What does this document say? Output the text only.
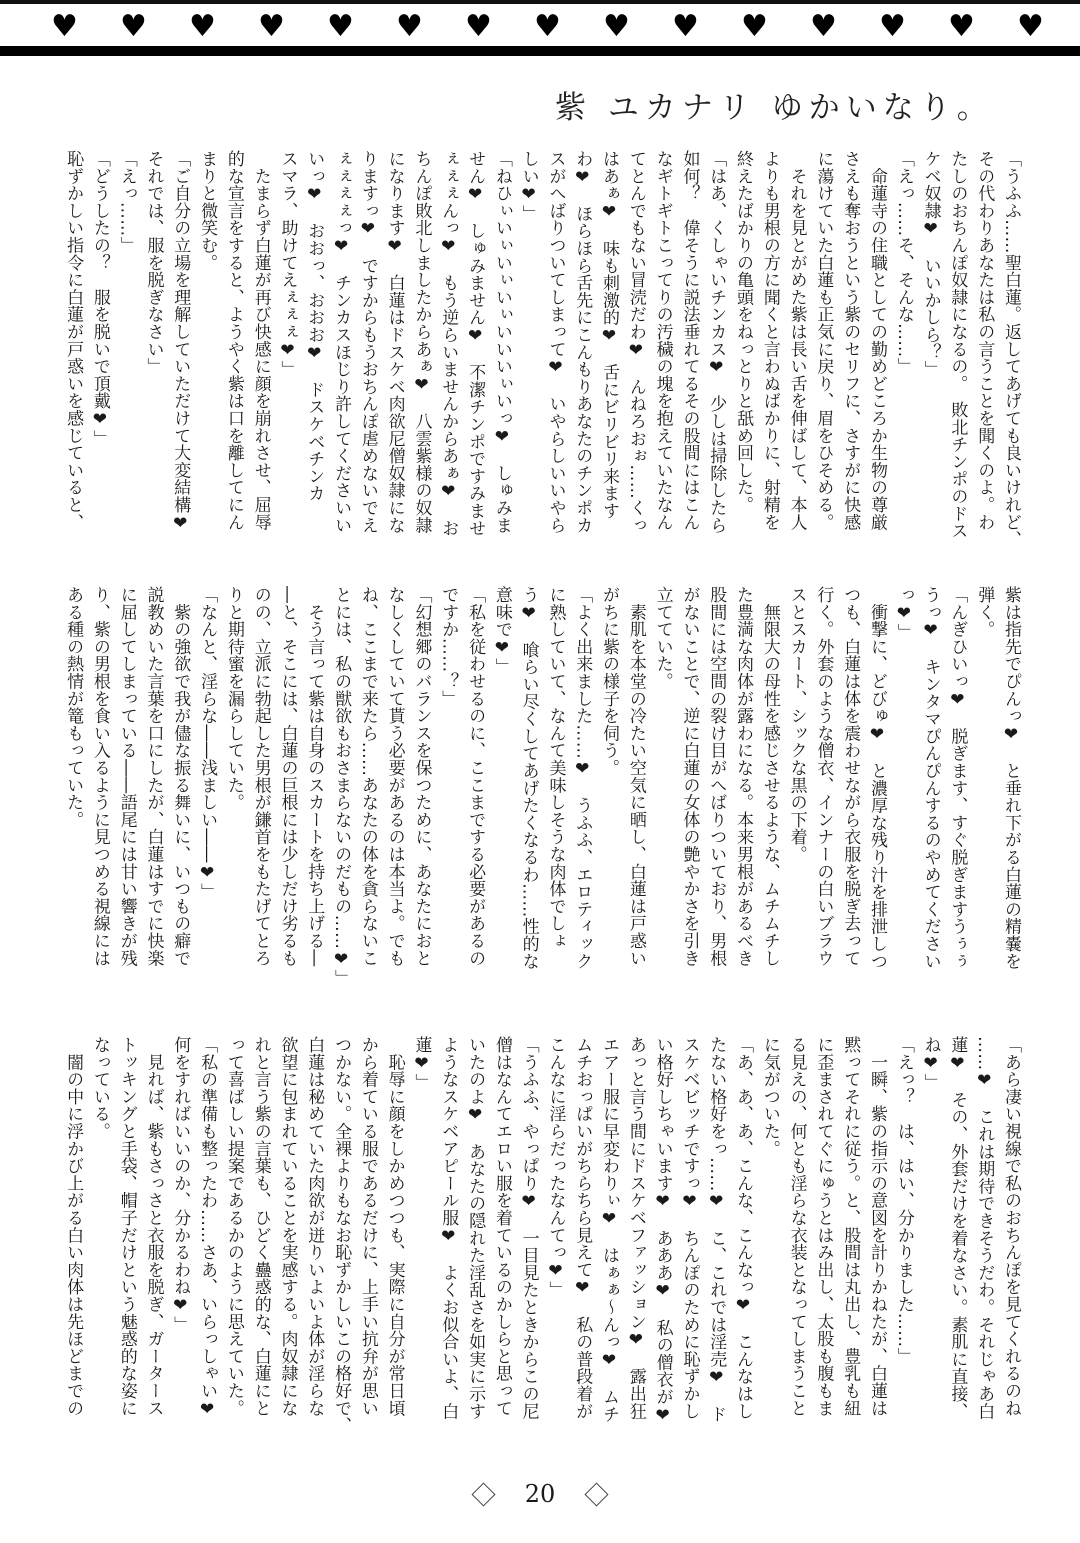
♥ ♥ ♥ ♥ ♥ ♥ ♥ ♥ ♥ ♥ ♥ ♥ ♥ ♥ ♥
紫 ユカナリ ゆかいなり。
「うふふ……聖白蓮。返してあげても良いけれど、
その代わりあなたは私の言うことを聞くのよ。わ
たしのおちんぽ奴隷になるの。　敗北チンポのドス
ケベ奴隷❤　いいかしら？」
「えっ……そ、そんな……」
　命蓮寺の住職としての勤めどころか生物の尊厳
さえも奪おうという紫のセリフに、さすがに快感
に蕩けていた白蓮も正気に戻り、眉をひそめる。
　それを見とがめた紫は長い舌を伸ばして、本人
よりも男根の方に聞くと言わぬばかりに、射精を
終えたばかりの亀頭をねっとりと舐め回した。
「はあ、くしゃいチンカス❤　少しは掃除したら
如何？　偉そうに説法垂れてるその股間にはこん
なギトギトこってりの汚穢の塊を抱えていたなん
てとんでもない冒涜だわ❤　んねろおぉ……くっ
はあぁ❤　味も刺激的❤　舌にビリビリ来ます
わ❤　ほらほら舌先にこんもりあなたのチンポカ
スがへばりついてしまって❤　いやらしいいやら
しい❤」
「ねひぃいぃいぃいぃいいいぃいっ❤　しゅみま
せん❤　しゅみません❤　不潔チンポですみませ
ぇぇぇんっ❤　もう逆らいませんからあぁ❤　お
ちんぽ敗北しましたからあぁ❤　八雲紫様の奴隷
になります❤　白蓮はドスケベ肉欲尼僧奴隷にな
りますっ❤　ですからもうおちんぽ虐めないでえ
ぇぇぇぇっ❤　チンカスほじり許してくださいい
いっ❤　おおっ、おおお❤　ドスケベチンカ
スマラ、助けてえぇぇぇ❤」
　たまらず白蓮が再び快感に顔を崩れさせ、屈辱
的な宣言をすると、ようやく紫は口を離してにん
まりと微笑む。
「ご自分の立場を理解していただけて大変結構❤
それでは、服を脱ぎなさい」
「えっ……」
「どうしたの？　服を脱いで頂戴❤」
恥ずかしい指令に白蓮が戸惑いを感じていると、
紫は指先でぴんっ❤　と垂れ下がる白蓮の精嚢を
弾く。
「んぎひいっ❤　脱ぎます、すぐ脱ぎますうぅぅ
うっ❤　キンタマぴんぴんするのやめてください
っ❤」
　衝撃に、どびゅ❤　と濃厚な残り汁を排泄しつ
つも、白蓮は体を震わせながら衣服を脱ぎ去って
行く。外套のような僧衣、インナーの白いブラウ
スとスカート、シックな黒の下着。
　無限大の母性を感じさせるような、ムチムチし
た豊満な肉体が露わになる。本来男根があるべき
股間には空間の裂け目がへばりついており、男根
がないことで、逆に白蓮の女体の艶やかさを引き
立てていた。
　素肌を本堂の冷たい空気に晒し、白蓮は戸惑い
がちに紫の様子を伺う。
「よく出来ました……❤　うふふ、エロティック
に熟していて、なんて美味しそうな肉体でしょ
う❤　喰らい尽くしてあげたくなるわ……性的な
意味で❤」
「私を従わせるのに、ここまでする必要があるの
ですか……？」
「幻想郷のバランスを保つために、あなたにおと
なしくしていて貰う必要があるのは本当よ。でも
ね、ここまで来たら……あなたの体を貪らないこ
とには、私の獣欲もおさまらないのだもの……❤」
　そう言って紫は自身のスカートを持ち上げる―
―と、そこには、白蓮の巨根には少しだけ劣るも
のの、立派に勃起した男根が鎌首をもたげてとろ
りと期待蜜を漏らしていた。
「なんと、淫らな――浅ましい――❤」
　紫の強欲で我が儘な振る舞いに、いつもの癖で
説教めいた言葉を口にしたが、白蓮はすでに快楽
に屈してしまっている――語尾には甘い響きが残
り、紫の男根を食い入るように見つめる視線には
ある種の熱情が篭もっていた。
「あら凄い視線で私のおちんぽを見てくれるのね
……❤　これは期待できそうだわ。それじゃあ白
蓮❤　その、外套だけを着なさい。素肌に直接、
ね❤」
「えっ？　は、はい、分かりました……」
　一瞬、紫の指示の意図を計りかねたが、白蓮は
黙ってそれに従う。と、股間は丸出し、豊乳も紐
に歪まされてぐにゅうとはみ出し、太股も腹もま
る見えの、何とも淫らな衣装となってしまうこと
に気がついた。
「あ、あ、あ、こんな、こんなっ❤　こんなはし
たない格好をっ……❤　こ、これでは淫売❤　ド
スケベビッチですっ❤　ちんぽのために恥ずかし
い格好しちゃいます❤　あああ❤　私の僧衣が❤
あっと言う間にドスケベファッション❤　露出狂
エアー服に早変わりぃ❤　はぁぁ～んっ❤　ムチ
ムチおっぱいがちらちら見えて❤　私の普段着が
こんなに淫らだったなんてっ❤」
「うふふ、やっぱり❤　一目見たときからこの尼
僧はなんてエロい服を着ているのかしらと思って
いたのよ❤　あなたの隠れた淫乱さを如実に示す
ようなスケベアピール服❤　よくお似合いよ、白
蓮❤」
　恥辱に顔をしかめつつも、実際に自分が常日頃
から着ている服であるだけに、上手い抗弁が思い
つかない。全裸よりもなお恥ずかしいこの格好で、
白蓮は秘めていた肉欲が迸りいよいよ体が淫らな
欲望に包まれていることを実感する。肉奴隷にな
れと言う紫の言葉も、ひどく蠱惑的な、白蓮にと
って喜ばしい提案であるかのように思えていた。
「私の準備も整ったわ……さあ、いらっしゃい❤
何をすればいいのか、分かるわね❤」
　見れば、紫もさっさと衣服を脱ぎ、ガータース
トッキングと手袋、帽子だけという魅惑的な姿に
なっている。
　闇の中に浮かび上がる白い肉体は先ほどまでの
20
